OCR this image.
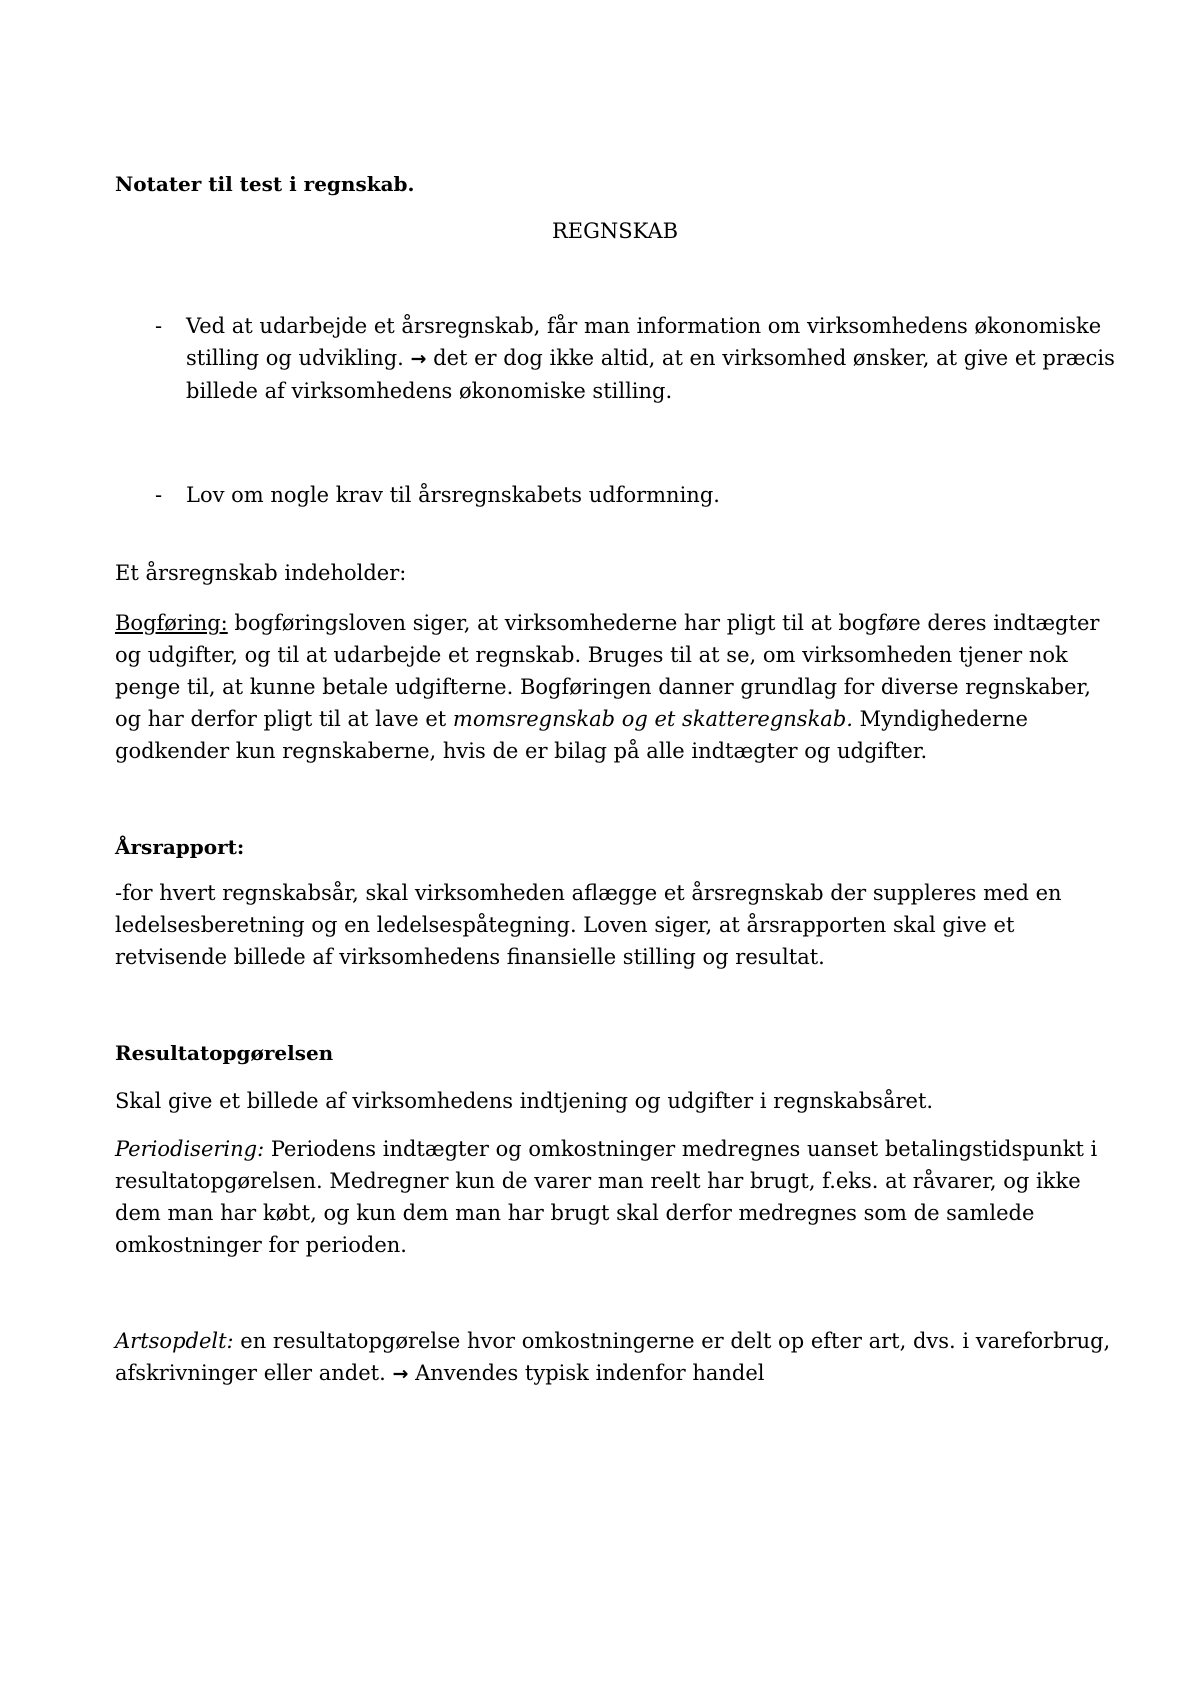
Notater til test i regnskab.

REGNSKAB

- Ved at udarbejde et årsregnskab, får man information om virksomhedens økonomiske stilling og udvikling. → det er dog ikke altid, at en virksomhed ønsker, at give et præcis billede af virksomhedens økonomiske stilling.
- Lov om nogle krav til årsregnskabets udformning.

Et årsregnskab indeholder:

Bogføring: bogføringsloven siger, at virksomhederne har pligt til at bogføre deres indtægter og udgifter, og til at udarbejde et regnskab. Bruges til at se, om virksomheden tjener nok penge til, at kunne betale udgifterne. Bogføringen danner grundlag for diverse regnskaber, og har derfor pligt til at lave et momsregnskab og et skatteregnskab. Myndighederne godkender kun regnskaberne, hvis de er bilag på alle indtægter og udgifter.

Årsrapport:

-for hvert regnskabsår, skal virksomheden aflægge et årsregnskab der suppleres med en ledelsesberetning og en ledelsespåtegning. Loven siger, at årsrapporten skal give et retvisende billede af virksomhedens finansielle stilling og resultat.

Resultatopgørelsen

Skal give et billede af virksomhedens indtjening og udgifter i regnskabsåret.

Periodisering: Periodens indtægter og omkostninger medregnes uanset betalingstidspunkt i resultatopgørelsen. Medregner kun de varer man reelt har brugt, f.eks. at råvarer, og ikke dem man har købt, og kun dem man har brugt skal derfor medregnes som de samlede omkostninger for perioden.

Artsopdelt: en resultatopgørelse hvor omkostningerne er delt op efter art, dvs. i vareforbrug, afskrivninger eller andet. → Anvendes typisk indenfor handel
